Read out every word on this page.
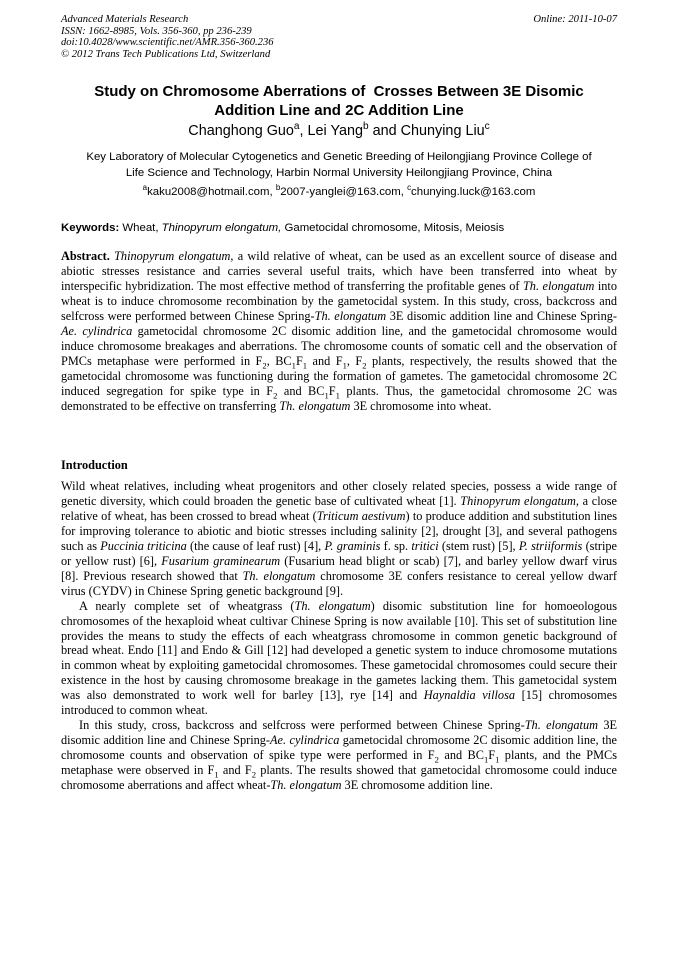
Advanced Materials Research
ISSN: 1662-8985, Vols. 356-360, pp 236-239
doi:10.4028/www.scientific.net/AMR.356-360.236
© 2012 Trans Tech Publications Ltd, Switzerland
Online: 2011-10-07
Study on Chromosome Aberrations of  Crosses Between 3E Disomic
Addition Line and 2C Addition Line
Changhong Guo$^a$, Lei Yang$^b$ and Chunying Liu$^c$
Key Laboratory of Molecular Cytogenetics and Genetic Breeding of Heilongjiang Province College of
Life Science and Technology, Harbin Normal University Heilongjiang Province, China
$^a$kaku2008@hotmail.com, $^b$2007-yanglei@163.com, $^c$chunying.luck@163.com
Keywords: Wheat, Thinopyrum elongatum, Gametocidal chromosome, Mitosis, Meiosis
Abstract. Thinopyrum elongatum, a wild relative of wheat, can be used as an excellent source of disease and abiotic stresses resistance and carries several useful traits, which have been transferred into wheat by interspecific hybridization. The most effective method of transferring the profitable genes of Th. elongatum into wheat is to induce chromosome recombination by the gametocidal system. In this study, cross, backcross and selfcross were performed between Chinese Spring-Th. elongatum 3E disomic addition line and Chinese Spring-Ae. cylindrica gametocidal chromosome 2C disomic addition line, and the gametocidal chromosome would induce chromosome breakages and aberrations. The chromosome counts of somatic cell and the observation of PMCs metaphase were performed in $F_2$, $BC_1F_1$ and $F_1$, $F_2$ plants, respectively, the results showed that the gametocidal chromosome was functioning during the formation of gametes. The gametocidal chromosome 2C induced segregation for spike type in $F_2$ and $BC_1F_1$ plants. Thus, the gametocidal chromosome 2C was demonstrated to be effective on transferring Th. elongatum 3E chromosome into wheat.
Introduction

Wild wheat relatives, including wheat progenitors and other closely related species, possess a wide range of genetic diversity, which could broaden the genetic base of cultivated wheat [1]. Thinopyrum elongatum, a close relative of wheat, has been crossed to bread wheat (Triticum aestivum) to produce addition and substitution lines for improving tolerance to abiotic and biotic stresses including salinity [2], drought [3], and several pathogens such as Puccinia triticina (the cause of leaf rust) [4], P. graminis f. sp. tritici (stem rust) [5], P. striiformis (stripe or yellow rust) [6], Fusarium graminearum (Fusarium head blight or scab) [7], and barley yellow dwarf virus [8]. Previous research showed that Th. elongatum chromosome 3E confers resistance to cereal yellow dwarf virus (CYDV) in Chinese Spring genetic background [9].

A nearly complete set of wheatgrass (Th. elongatum) disomic substitution line for homoeologous chromosomes of the hexaploid wheat cultivar Chinese Spring is now available [10]. This set of substitution line provides the means to study the effects of each wheatgrass chromosome in common genetic background of bread wheat. Endo [11] and Endo & Gill [12] had developed a genetic system to induce chromosome mutations in common wheat by exploiting gametocidal chromosomes. These gametocidal chromosomes could secure their existence in the host by causing chromosome breakage in the gametes lacking them. This gametocidal system was also demonstrated to work well for barley [13], rye [14] and Haynaldia villosa [15] chromosomes introduced to common wheat.

In this study, cross, backcross and selfcross were performed between Chinese Spring-Th. elongatum 3E disomic addition line and Chinese Spring-Ae. cylindrica gametocidal chromosome 2C disomic addition line, the chromosome counts and observation of spike type were performed in $F_2$ and $BC_1F_1$ plants, and the PMCs metaphase were observed in $F_1$ and $F_2$ plants. The results showed that gametocidal chromosome could induce chromosome aberrations and affect wheat-Th. elongatum 3E chromosome addition line.
